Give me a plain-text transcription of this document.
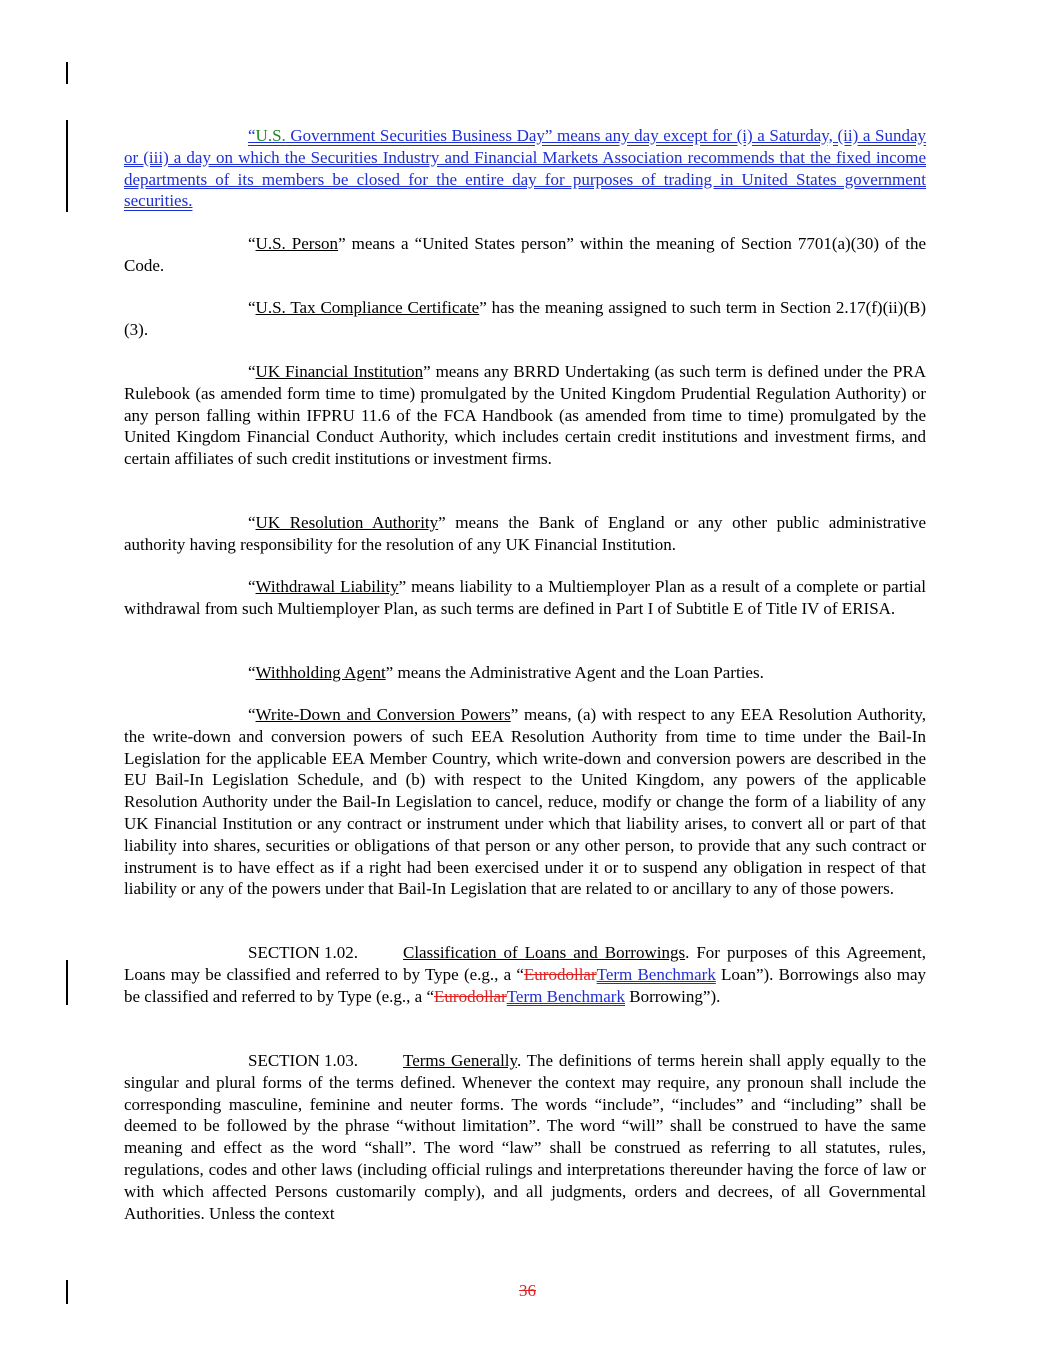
“U.S. Government Securities Business Day” means any day except for (i) a Saturday, (ii) a Sunday or (iii) a day on which the Securities Industry and Financial Markets Association recommends that the fixed income departments of its members be closed for the entire day for purposes of trading in United States government securities.

“U.S. Person” means a “United States person” within the meaning of Section 7701(a)(30) of the Code.

“U.S. Tax Compliance Certificate” has the meaning assigned to such term in Section 2.17(f)(ii)(B)(3).

“UK Financial Institution” means any BRRD Undertaking (as such term is defined under the PRA Rulebook (as amended form time to time) promulgated by the United Kingdom Prudential Regulation Authority) or any person falling within IFPRU 11.6 of the FCA Handbook (as amended from time to time) promulgated by the United Kingdom Financial Conduct Authority, which includes certain credit institutions and investment firms, and certain affiliates of such credit institutions or investment firms.

“UK Resolution Authority” means the Bank of England or any other public administrative authority having responsibility for the resolution of any UK Financial Institution.

“Withdrawal Liability” means liability to a Multiemployer Plan as a result of a complete or partial withdrawal from such Multiemployer Plan, as such terms are defined in Part I of Subtitle E of Title IV of ERISA.

“Withholding Agent” means the Administrative Agent and the Loan Parties.

“Write-Down and Conversion Powers” means, (a) with respect to any EEA Resolution Authority, the write-down and conversion powers of such EEA Resolution Authority from time to time under the Bail-In Legislation for the applicable EEA Member Country, which write-down and conversion powers are described in the EU Bail-In Legislation Schedule, and (b) with respect to the United Kingdom, any powers of the applicable Resolution Authority under the Bail-In Legislation to cancel, reduce, modify or change the form of a liability of any UK Financial Institution or any contract or instrument under which that liability arises, to convert all or part of that liability into shares, securities or obligations of that person or any other person, to provide that any such contract or instrument is to have effect as if a right had been exercised under it or to suspend any obligation in respect of that liability or any of the powers under that Bail-In Legislation that are related to or ancillary to any of those powers.

SECTION 1.02.	Classification of Loans and Borrowings. For purposes of this Agreement, Loans may be classified and referred to by Type (e.g., a “EurodollarTerm Benchmark Loan”). Borrowings also may be classified and referred to by Type (e.g., a “EurodollarTerm Benchmark Borrowing”).

SECTION 1.03.	Terms Generally. The definitions of terms herein shall apply equally to the singular and plural forms of the terms defined. Whenever the context may require, any pronoun shall include the corresponding masculine, feminine and neuter forms. The words “include”, “includes” and “including” shall be deemed to be followed by the phrase “without limitation”. The word “will” shall be construed to have the same meaning and effect as the word “shall”. The word “law” shall be construed as referring to all statutes, rules, regulations, codes and other laws (including official rulings and interpretations thereunder having the force of law or with which affected Persons customarily comply), and all judgments, orders and decrees, of all Governmental Authorities. Unless the context

36
